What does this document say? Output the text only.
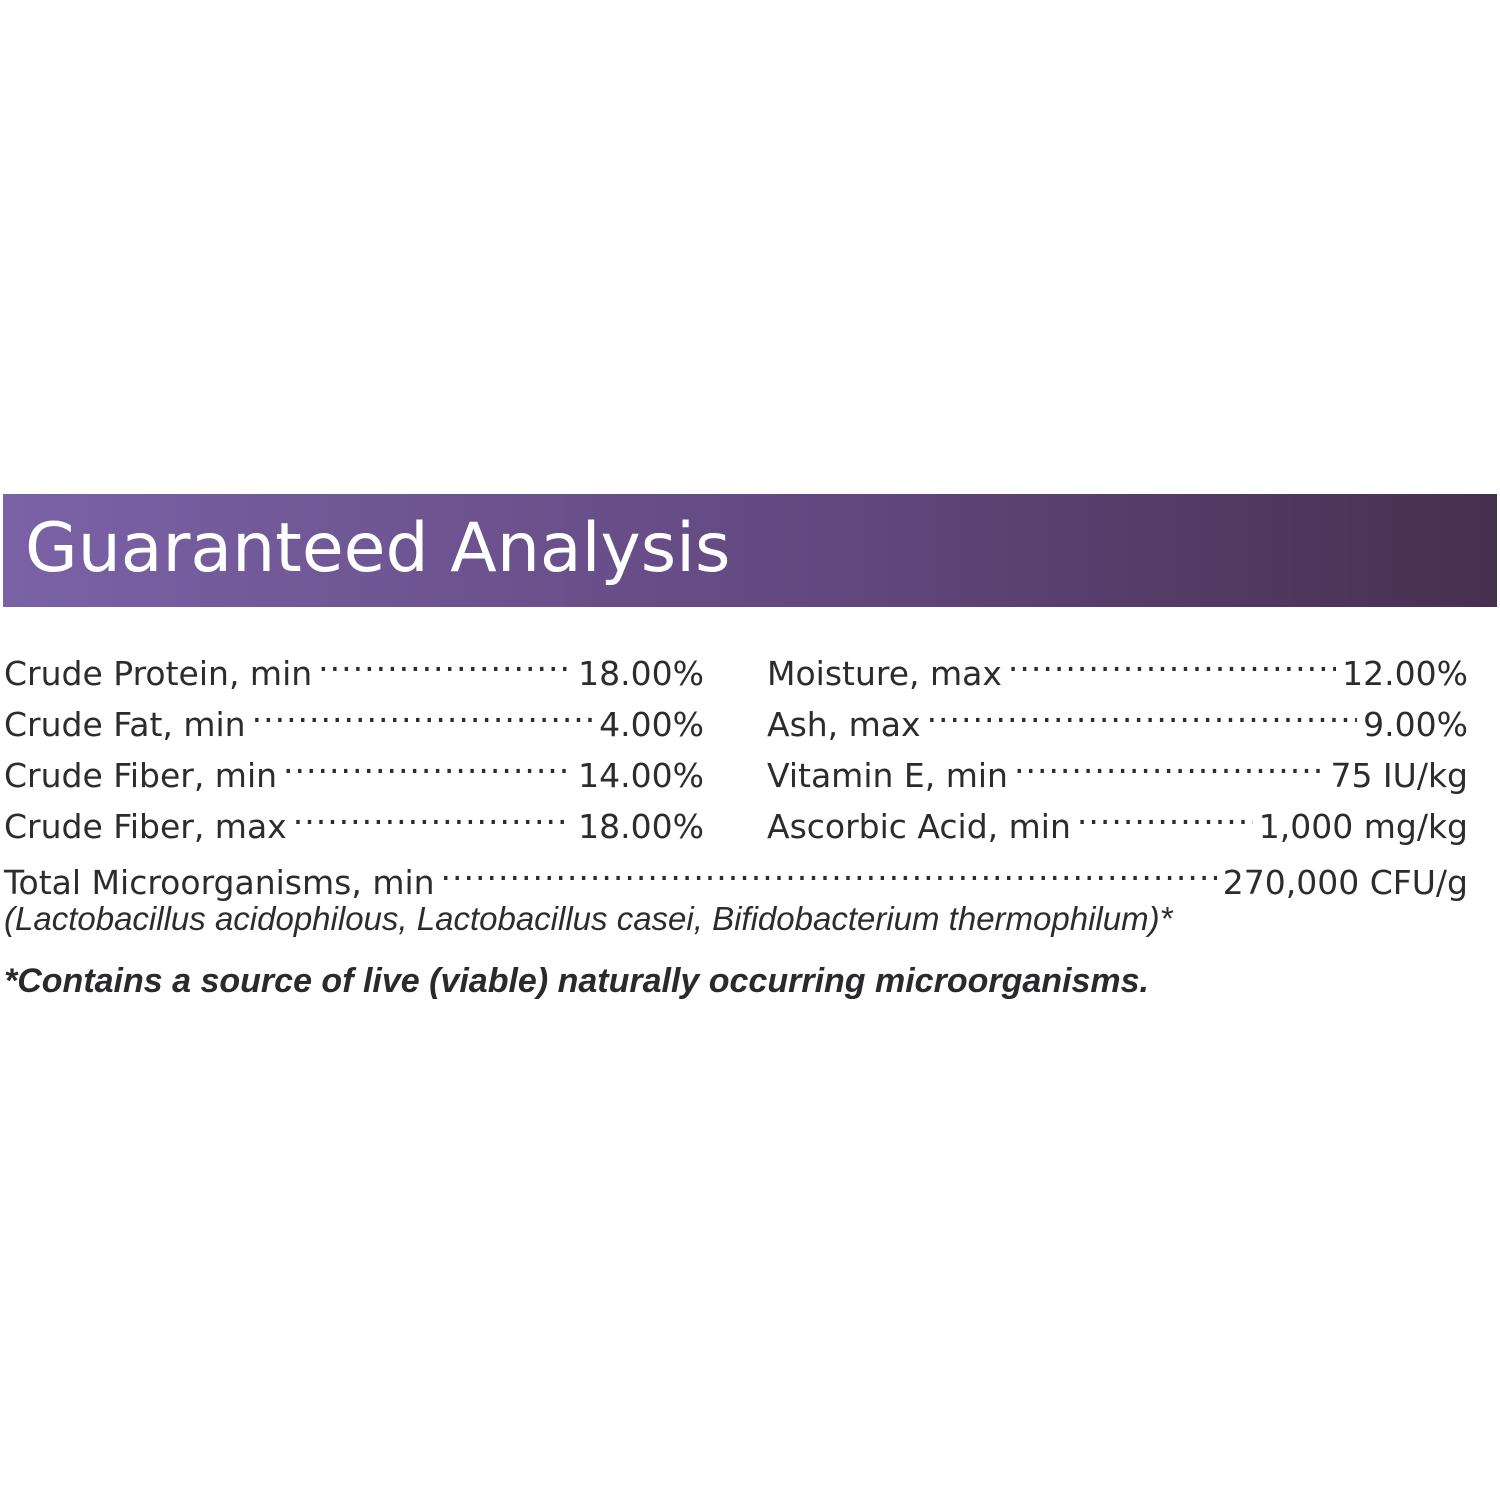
Guaranteed Analysis
Crude Protein, min .....	18.00%
Crude Fat, min .....	4.00%
Crude Fiber, min .....	14.00%
Crude Fiber, max .....	18.00%
Moisture, max .....	12.00%
Ash, max .....	9.00%
Vitamin E, min .....	75 IU/kg
Ascorbic Acid, min .....	1,000 mg/kg
Total Microorganisms, min .....	270,000 CFU/g
(Lactobacillus acidophilous, Lactobacillus casei, Bifidobacterium thermophilum)*
*Contains a source of live (viable) naturally occurring microorganisms.
